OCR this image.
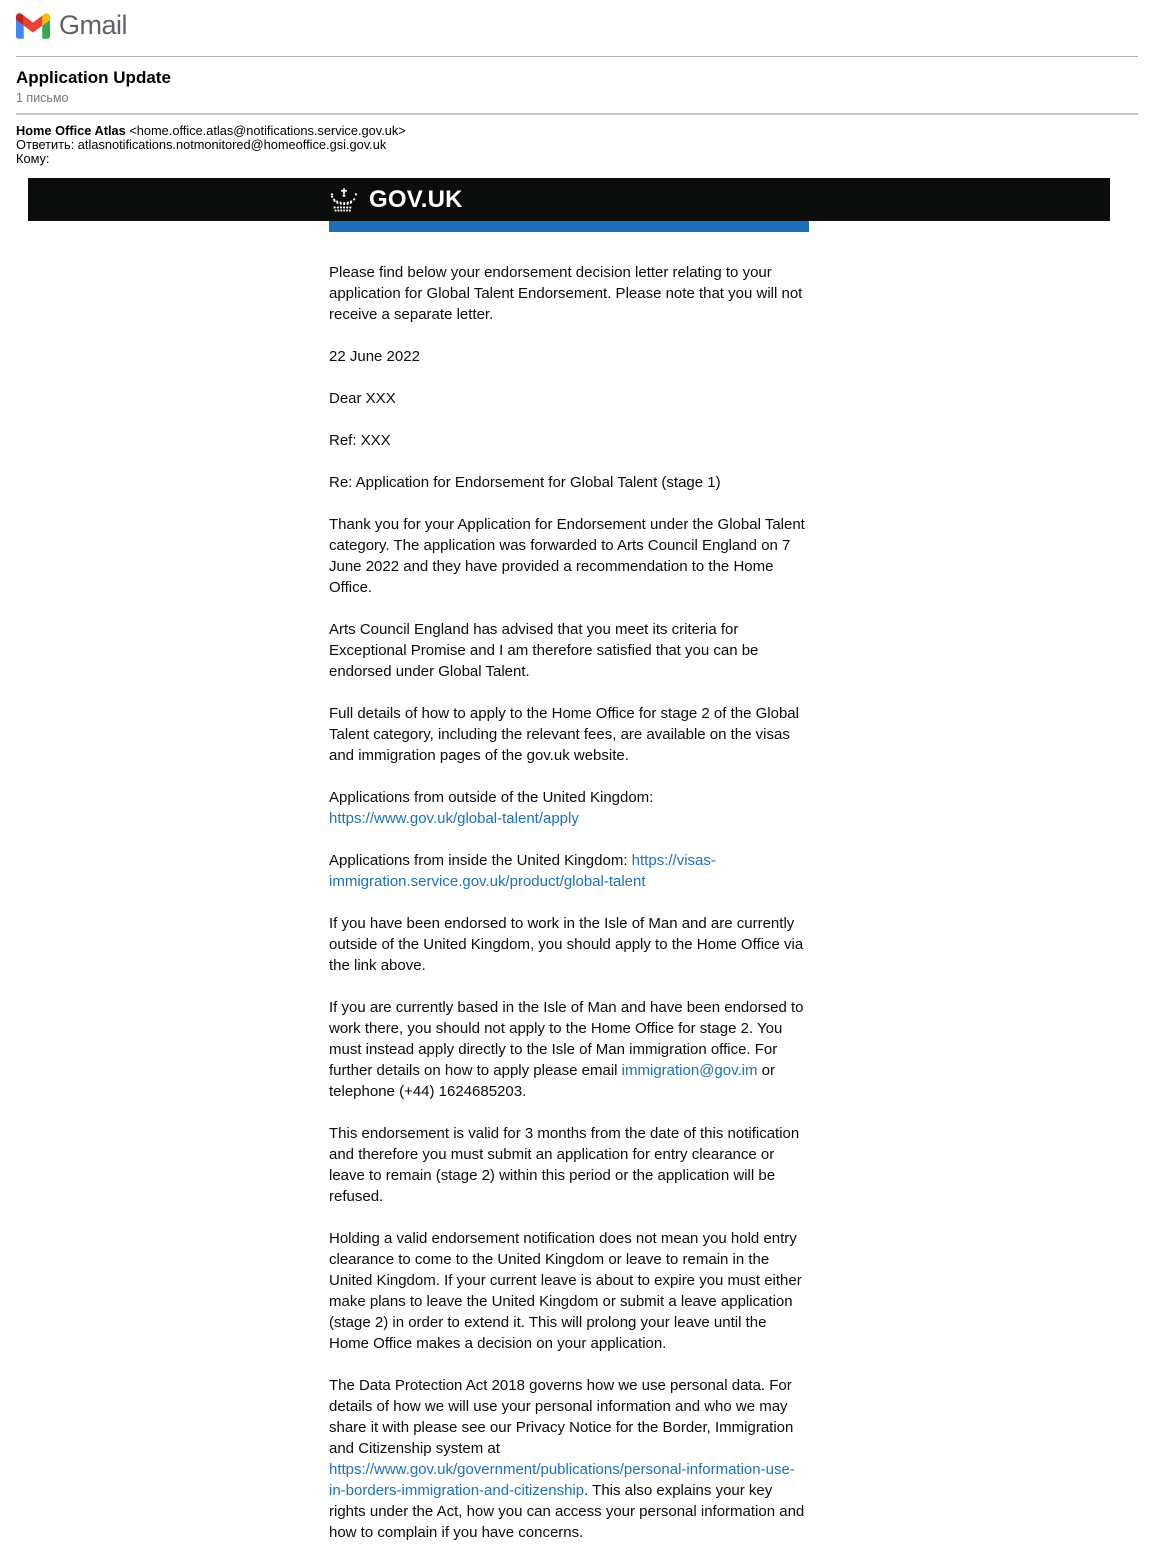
Gmail
Application Update
1 письмо
Home Office Atlas <home.office.atlas@notifications.service.gov.uk>
Ответить: atlasnotifications.notmonitored@homeoffice.gsi.gov.uk
Кому:
GOV.UK

Please find below your endorsement decision letter relating to your application for Global Talent Endorsement. Please note that you will not receive a separate letter.

22 June 2022

Dear XXX

Ref: XXX

Re: Application for Endorsement for Global Talent (stage 1)

Thank you for your Application for Endorsement under the Global Talent category. The application was forwarded to Arts Council England on 7 June 2022 and they have provided a recommendation to the Home Office.

Arts Council England has advised that you meet its criteria for Exceptional Promise and I am therefore satisfied that you can be endorsed under Global Talent.

Full details of how to apply to the Home Office for stage 2 of the Global Talent category, including the relevant fees, are available on the visas and immigration pages of the gov.uk website.

Applications from outside of the United Kingdom: https://www.gov.uk/global-talent/apply

Applications from inside the United Kingdom: https://visas-immigration.service.gov.uk/product/global-talent

If you have been endorsed to work in the Isle of Man and are currently outside of the United Kingdom, you should apply to the Home Office via the link above.

If you are currently based in the Isle of Man and have been endorsed to work there, you should not apply to the Home Office for stage 2. You must instead apply directly to the Isle of Man immigration office. For further details on how to apply please email immigration@gov.im or telephone (+44) 1624685203.

This endorsement is valid for 3 months from the date of this notification and therefore you must submit an application for entry clearance or leave to remain (stage 2) within this period or the application will be refused.

Holding a valid endorsement notification does not mean you hold entry clearance to come to the United Kingdom or leave to remain in the United Kingdom. If your current leave is about to expire you must either make plans to leave the United Kingdom or submit a leave application (stage 2) in order to extend it. This will prolong your leave until the Home Office makes a decision on your application.

The Data Protection Act 2018 governs how we use personal data. For details of how we will use your personal information and who we may share it with please see our Privacy Notice for the Border, Immigration and Citizenship system at https://www.gov.uk/government/publications/personal-information-use-in-borders-immigration-and-citizenship. This also explains your key rights under the Act, how you can access your personal information and how to complain if you have concerns.
